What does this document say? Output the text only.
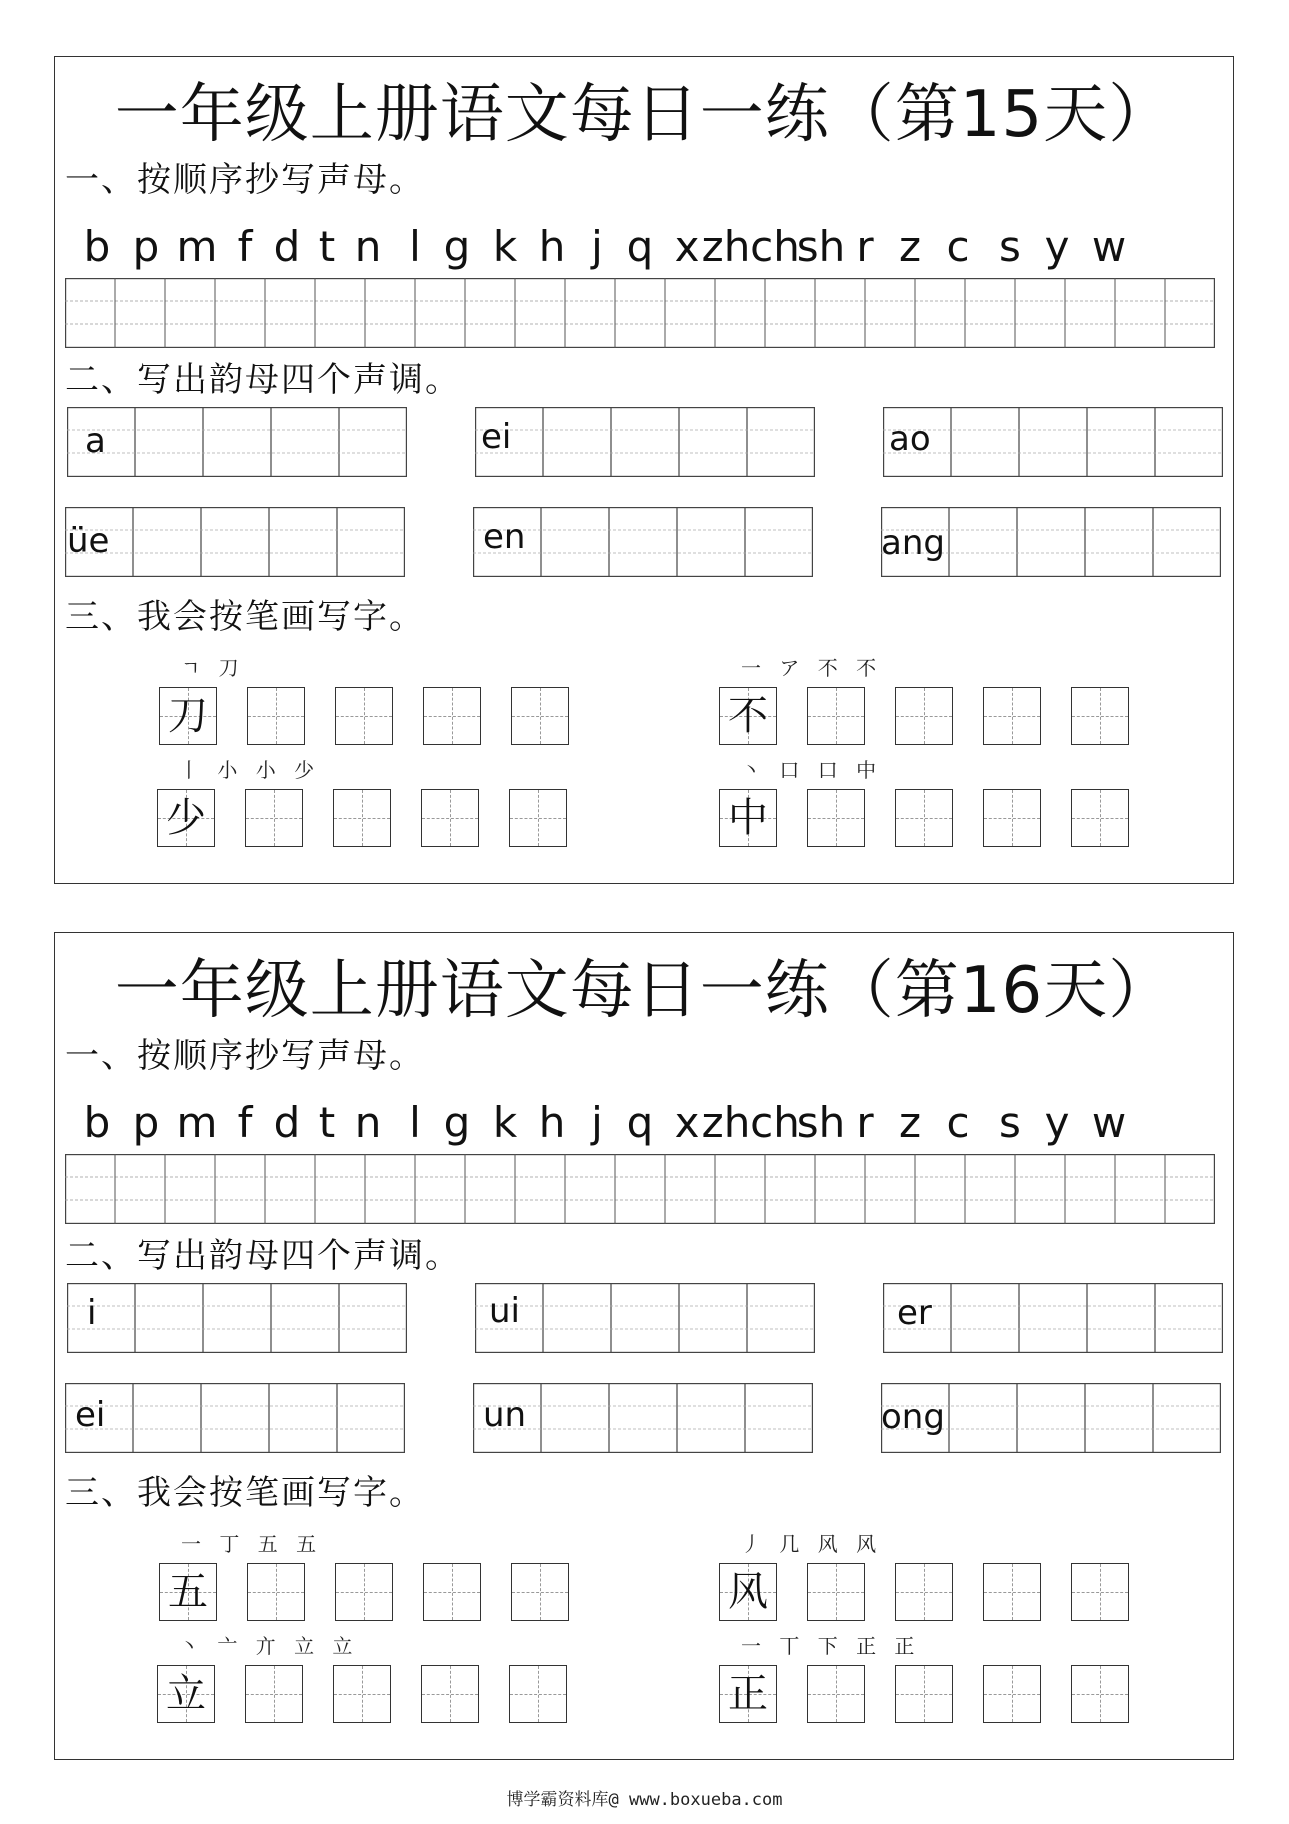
一年级上册语文每日一练（第15天）
一、按顺序抄写声母。
b p m f d t n l g k h j q x zh ch
sh r z c s y w
二、写出韵母四个声调。
a	ei	ao
üe	en	ang
三、我会按笔画写字。
ㄱ 刀
刀
一 ア 不 不
不
丨 小 小 少
少
丶 口 口 中
中
一年级上册语文每日一练（第16天）
一、按顺序抄写声母。
b p m f d t n l g k h j q x zh ch
sh r z c s y w
二、写出韵母四个声调。
i	ui	er
ei	un	ong
三、我会按笔画写字。
一 丁 五 五
五
丿 几 风 风
风
丶 亠 亣 立 立
立
一 丅 下 正 正
正
博学霸资料库@ www.boxueba.com
